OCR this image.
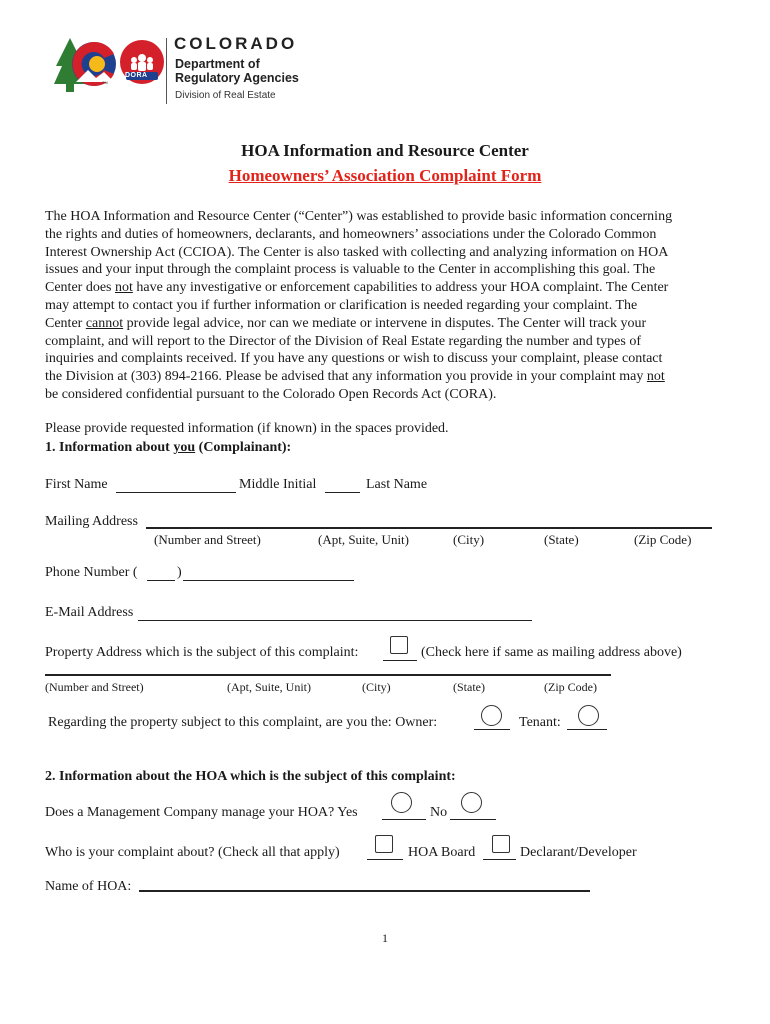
DORA
TM
COLORADO
Department of
Regulatory Agencies
Division of Real Estate
HOA Information and Resource Center
Homeowners’ Association Complaint Form
The HOA Information and Resource Center (“Center”) was established to provide basic information concerning
the rights and duties of homeowners, declarants, and homeowners’ associations under the Colorado Common
Interest Ownership Act (CCIOA). The Center is also tasked with collecting and analyzing information on HOA
issues and your input through the complaint process is valuable to the Center in accomplishing this goal. The
Center does not have any investigative or enforcement capabilities to address your HOA complaint. The Center
may attempt to contact you if further information or clarification is needed regarding your complaint. The
Center cannot provide legal advice, nor can we mediate or intervene in disputes. The Center will track your
complaint, and will report to the Director of the Division of Real Estate regarding the number and types of
inquiries and complaints received. If you have any questions or wish to discuss your complaint, please contact
the Division at (303) 894-2166. Please be advised that any information you provide in your complaint may not
be considered confidential pursuant to the Colorado Open Records Act (CORA).
Please provide requested information (if known) in the spaces provided.
1. Information about you (Complainant):
First Name	Middle Initial	Last Name
Mailing Address
(Number and Street)	(Apt, Suite, Unit)	(City)	(State)	(Zip Code)
Phone Number (	)
E-Mail Address
Property Address which is the subject of this complaint:	(Check here if same as mailing address above)
(Number and Street)	(Apt, Suite, Unit)	(City)	(State)	(Zip Code)
Regarding the property subject to this complaint, are you the: Owner:	Tenant:
2. Information about the HOA which is the subject of this complaint:
Does a Management Company manage your HOA? Yes	No
Who is your complaint about? (Check all that apply)	HOA Board	Declarant/Developer
Name of HOA:
1
